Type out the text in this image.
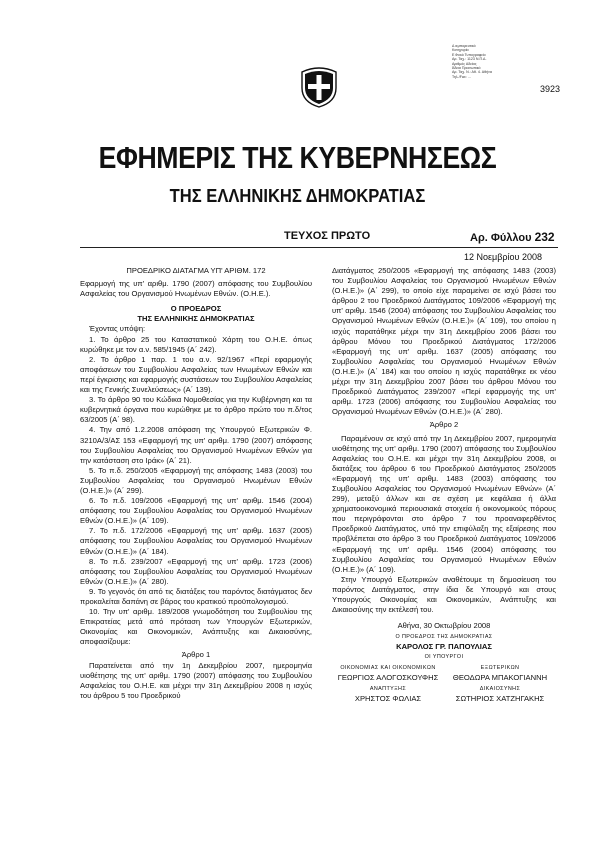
Δ ιεμπορευτικό
Κατηγορία
Ε θνικό Τυπογραφείο
Αρ. Ταχ.: 1123 Ν.Π.Δ.
Αριθμός Αδείας
Άδεια Προσωπικό
Αρ. Ταχ. Ν.: Αθ. 4. Αθήνα
Τηλ./Fax: ...
3923
ΕΦΗΜΕΡΙΣ ΤΗΣ ΚΥΒΕΡΝΗΣΕΩΣ
ΤΗΣ ΕΛΛΗΝΙΚΗΣ ΔΗΜΟΚΡΑΤΙΑΣ
ΤΕΥΧΟΣ ΠΡΩΤΟ	Αρ. Φύλλου 232
12 Νοεμβρίου 2008

ΠΡΟΕΔΡΙΚΟ ΔΙΑΤΑΓΜΑ ΥΠ' ΑΡΙΘΜ. 172

Εφαρμογή της υπ' αριθμ. 1790 (2007) απόφασης του Συμβουλίου Ασφαλείας του Οργανισμού Ηνωμένων Εθνών. (Ο.Η.Ε.).

Ο ΠΡΟΕΔΡΟΣ

ΤΗΣ ΕΛΛΗΝΙΚΗΣ ΔΗΜΟΚΡΑΤΙΑΣ

Έχοντας υπόψη:

1. Το άρθρο 25 του Καταστατικού Χάρτη του Ο.Η.Ε. όπως κυρώθηκε με τον α.ν. 585/1945 (Α΄ 242).

2. Το άρθρο 1 παρ. 1 του α.ν. 92/1967 «Περί εφαρμογής αποφάσεων του Συμβουλίου Ασφαλείας των Ηνωμένων Εθνών και περί έγκρισης και εφαρμογής συστάσεων του Συμβουλίου Ασφαλείας και της Γενικής Συνελεύσεως» (Α΄ 139).

3. Το άρθρο 90 του Κώδικα Νομοθεσίας για την Κυβέρνηση και τα κυβερνητικά όργανα που κυρώθηκε με το άρθρο πρώτο του π.δ/τος 63/2005 (Α΄ 98).

4. Την από 1.2.2008 απόφαση της Υπουργού Εξωτερικών Φ. 3210Α/3/ΑΣ 153 «Εφαρμογή της υπ' αριθμ. 1790 (2007) απόφασης του Συμβουλίου Ασφαλείας του Οργανισμού Ηνωμένων Εθνών για την κατάσταση στο Ιράκ» (Α΄ 21).

5. Το π.δ. 250/2005 «Εφαρμογή της απόφασης 1483 (2003) του Συμβουλίου Ασφαλείας του Οργανισμού Ηνωμένων Εθνών (Ο.Η.Ε.)» (Α΄ 299).

6. Το π.δ. 109/2006 «Εφαρμογή της υπ' αριθμ. 1546 (2004) απόφασης του Συμβουλίου Ασφαλείας του Οργανισμού Ηνωμένων Εθνών (Ο.Η.Ε.)» (Α΄ 109).

7. Το π.δ. 172/2006 «Εφαρμογή της υπ' αριθμ. 1637 (2005) απόφασης του Συμβουλίου Ασφαλείας του Οργανισμού Ηνωμένων Εθνών (Ο.Η.Ε.)» (Α΄ 184).

8. Το π.δ. 239/2007 «Εφαρμογή της υπ' αριθμ. 1723 (2006) απόφασης του Συμβουλίου Ασφαλείας του Οργανισμού Ηνωμένων Εθνών (Ο.Η.Ε.)» (Α΄ 280).

9. Το γεγονός ότι από τις διατάξεις του παρόντος διατάγματος δεν προκαλείται δαπάνη σε βάρος του κρατικού προϋπολογισμού.

10. Την υπ' αριθμ. 189/2008 γνωμοδότηση του Συμβουλίου της Επικρατείας μετά από πρόταση των Υπουργών Εξωτερικών, Οικονομίας και Οικονομικών, Ανάπτυξης και Δικαιοσύνης, αποφασίζουμε:

Άρθρο 1

Παρατείνεται από την 1η Δεκεμβρίου 2007, ημερομηνία υιοθέτησης της υπ' αριθμ. 1790 (2007) απόφασης του Συμβουλίου Ασφαλείας του Ο.Η.Ε. και μέχρι την 31η Δεκεμβρίου 2008 η ισχύς του άρθρου 5 του Προεδρικού

Διατάγματος 250/2005 «Εφαρμογή της απόφασης 1483 (2003) του Συμβουλίου Ασφαλείας του Οργανισμού Ηνωμένων Εθνών (Ο.Η.Ε.)» (Α΄ 299), το οποίο είχε παραμείνει σε ισχύ βάσει του άρθρου 2 του Προεδρικού Διατάγματος 109/2006 «Εφαρμογή της υπ' αριθμ. 1546 (2004) απόφασης του Συμβουλίου Ασφαλείας του Οργανισμού Ηνωμένων Εθνών (Ο.Η.Ε.)» (Α΄ 109), του οποίου η ισχύς παρατάθηκε μέχρι την 31η Δεκεμβρίου 2006 βάσει του άρθρου Μόνου του Προεδρικού Διατάγματος 172/2006 «Εφαρμογή της υπ' αριθμ. 1637 (2005) απόφασης του Συμβουλίου Ασφαλείας του Οργανισμού Ηνωμένων Εθνών (Ο.Η.Ε.)» (Α΄ 184) και του οποίου η ισχύς παρατάθηκε εκ νέου μέχρι την 31η Δεκεμβρίου 2007 βάσει του άρθρου Μόνου του Προεδρικού Διατάγματος 239/2007 «Περί εφαρμογής της υπ' αριθμ. 1723 (2006) απόφασης του Συμβουλίου Ασφαλείας του Οργανισμού Ηνωμένων Εθνών (Ο.Η.Ε.)» (Α΄ 280).

Άρθρο 2

Παραμένουν σε ισχύ από την 1η Δεκεμβρίου 2007, ημερομηνία υιοθέτησης της υπ' αριθμ. 1790 (2007) απόφασης του Συμβουλίου Ασφαλείας του Ο.Η.Ε. και μέχρι την 31η Δεκεμβρίου 2008, οι διατάξεις του άρθρου 6 του Προεδρικού Διατάγματος 250/2005 «Εφαρμογή της υπ' αριθμ. 1483 (2003) απόφασης του Συμβουλίου Ασφαλείας του Οργανισμού Ηνωμένων Εθνών» (Α΄ 299), μεταξύ άλλων και σε σχέση με κεφάλαια ή άλλα χρηματοοικονομικά περιουσιακά στοιχεία ή οικονομικούς πόρους που περιγράφονται στο άρθρο 7 του προαναφερθέντος Προεδρικού Διατάγματος, υπό την επιφύλαξη της εξαίρεσης που προβλέπεται στο άρθρο 3 του Προεδρικού Διατάγματος 109/2006 «Εφαρμογή της υπ' αριθμ. 1546 (2004) απόφασης του Συμβουλίου Ασφαλείας του Οργανισμού Ηνωμένων Εθνών (Ο.Η.Ε.)» (Α΄ 109).

Στην Υπουργό Εξωτερικών αναθέτουμε τη δημοσίευση του παρόντος Διατάγματος, στην ίδια δε Υπουργό και στους Υπουργούς Οικονομίας και Οικονομικών, Ανάπτυξης και Δικαιοσύνης την εκτέλεσή του.

Αθήνα, 30 Οκτωβρίου 2008
Ο ΠΡΟΕΔΡΟΣ ΤΗΣ ΔΗΜΟΚΡΑΤΙΑΣ
ΚΑΡΟΛΟΣ ΓΡ. ΠΑΠΟΥΛΙΑΣ
ΟΙ ΥΠΟΥΡΓΟΙ
ΟΙΚΟΝΟΜΙΑΣ ΚΑΙ ΟΙΚΟΝΟΜΙΚΩΝ
ΓΕΩΡΓΙΟΣ ΑΛΟΓΟΣΚΟΥΦΗΣ
ΕΞΩΤΕΡΙΚΩΝ
ΘΕΟΔΩΡΑ ΜΠΑΚΟΓΙΑΝΝΗ
ΑΝΑΠΤΥΞΗΣ
ΧΡΗΣΤΟΣ ΦΩΛΙΑΣ
ΔΙΚΑΙΟΣΥΝΗΣ
ΣΩΤΗΡΙΟΣ ΧΑΤΖΗΓΑΚΗΣ
